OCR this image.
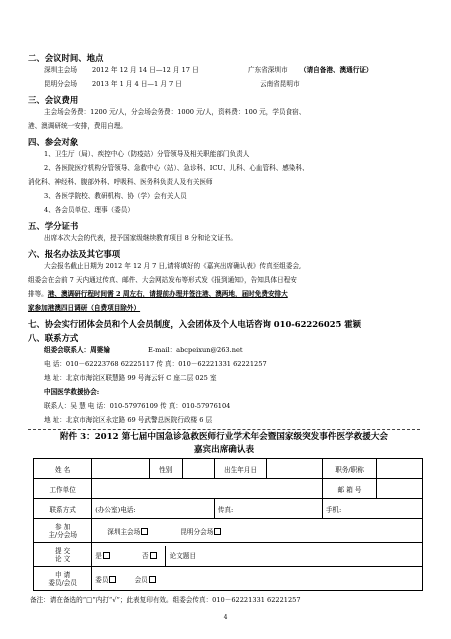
二、会议时间、地点
深圳主会场 2012 年 12 月 14 日—12 月 17 日	广东省深圳市 （请自备港、澳通行证）
昆明分会场 2013 年 1 月 4 日—1 月 7 日	云南省昆明市
三、会议费用
主会场会务费：1200 元/人，分会场会务费：1000 元/人，资料费：100 元，学员食宿、
港、澳调研统一安排，费用自理。
四、参会对象
1、卫生厅（局）、疾控中心（防疫站）分管领导及相关职能部门负责人
2、各医院医疗机构分管领导、急救中心（站）、急诊科、ICU、儿科、心血管科、感染科、
消化科、神经科、腹部外科、呼吸科、医务科负责人及有关医师
3、各医学院校、教研机构、协（学）会有关人员
4、各会员单位、理事（委员）
五、学分证书
出席本次大会的代表，授予国家级继续教育项目 8 分和论文证书。
六、报名办法及其它事项
大会报名截止日期为 2012 年 12 月 7 日,请将填好的《嘉宾出席确认表》传真至组委会,
组委会在会前 7 天内通过传真、邮件、大会网站发布等形式发《报到通知》，告知具体日程安
排等。港、澳调研行程时间需 2 周左右，请提前办理并签注港、澳两地，届时免费安排大
家参加港澳四日调研（自费项目除外）
七、协会实行团体会员和个人会员制度，入会团体及个人电话咨询 010-62226025 霍颖
八、联系方式
组委会联系人：周婆婨	E-mail：abcpeixun@263.net
电 话：010－62223768 62225117 传 真：010－62221331 62221257
地 址：北京市海淀区联慧路 99 号海云轩 C 座二层 025 室
中国医学救援协会:
联系人：吴 慧 电 话：010-57976109 传 真：010-57976104
地 址：北京市海淀区永定路 69 号武警总医院行政楼 6 层
附件 3：2012 第七届中国急诊急救医师行业学术年会暨国家级突发事件医学救援大会
嘉宾出席确认表
姓 名		性别		出生年月日		职务/职称	
工作单位						邮 箱 号	
联系方式	(办公室)电话:			传真:		手机:	
参 加
主/分会场	深圳主会场 昆明分会场						
提 交
论 文	是 否 论文题目						
申 请
委员/会员	委员 会员						
备注：请在备选的“□”内打“√”；此表复印有效。组委会传真：010－62221331 62221257
4
